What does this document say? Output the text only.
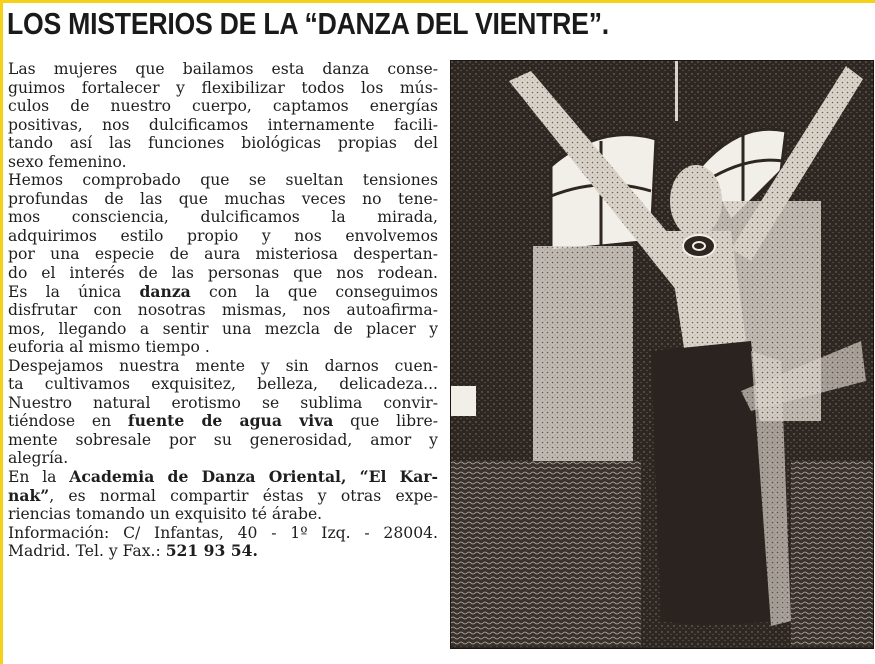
LOS MISTERIOS DE LA “DANZA DEL VIENTRE”.
Las mujeres que bailamos esta danza conse-
guimos fortalecer y flexibilizar todos los mús-
culos de nuestro cuerpo, captamos energías
positivas, nos dulcificamos internamente facili-
tando así las funciones biológicas propias del
sexo femenino.
Hemos comprobado que se sueltan tensiones
profundas de las que muchas veces no tene-
mos consciencia, dulcificamos la mirada,
adquirimos estilo propio y nos envolvemos
por una especie de aura misteriosa despertan-
do el interés de las personas que nos rodean.
Es la única danza con la que conseguimos
disfrutar con nosotras mismas, nos autoafirma-
mos, llegando a sentir una mezcla de placer y
euforia al mismo tiempo .
Despejamos nuestra mente y sin darnos cuen-
ta cultivamos exquisitez, belleza, delicadeza...
Nuestro natural erotismo se sublima convir-
tiéndose en fuente de agua viva que libre-
mente sobresale por su generosidad, amor y
alegría.
En la Academia de Danza Oriental, “El Kar-
nak”, es normal compartir éstas y otras expe-
riencias tomando un exquisito té árabe.
Información: C/ Infantas, 40 - 1º Izq. - 28004.
Madrid. Tel. y Fax.: 521 93 54.
